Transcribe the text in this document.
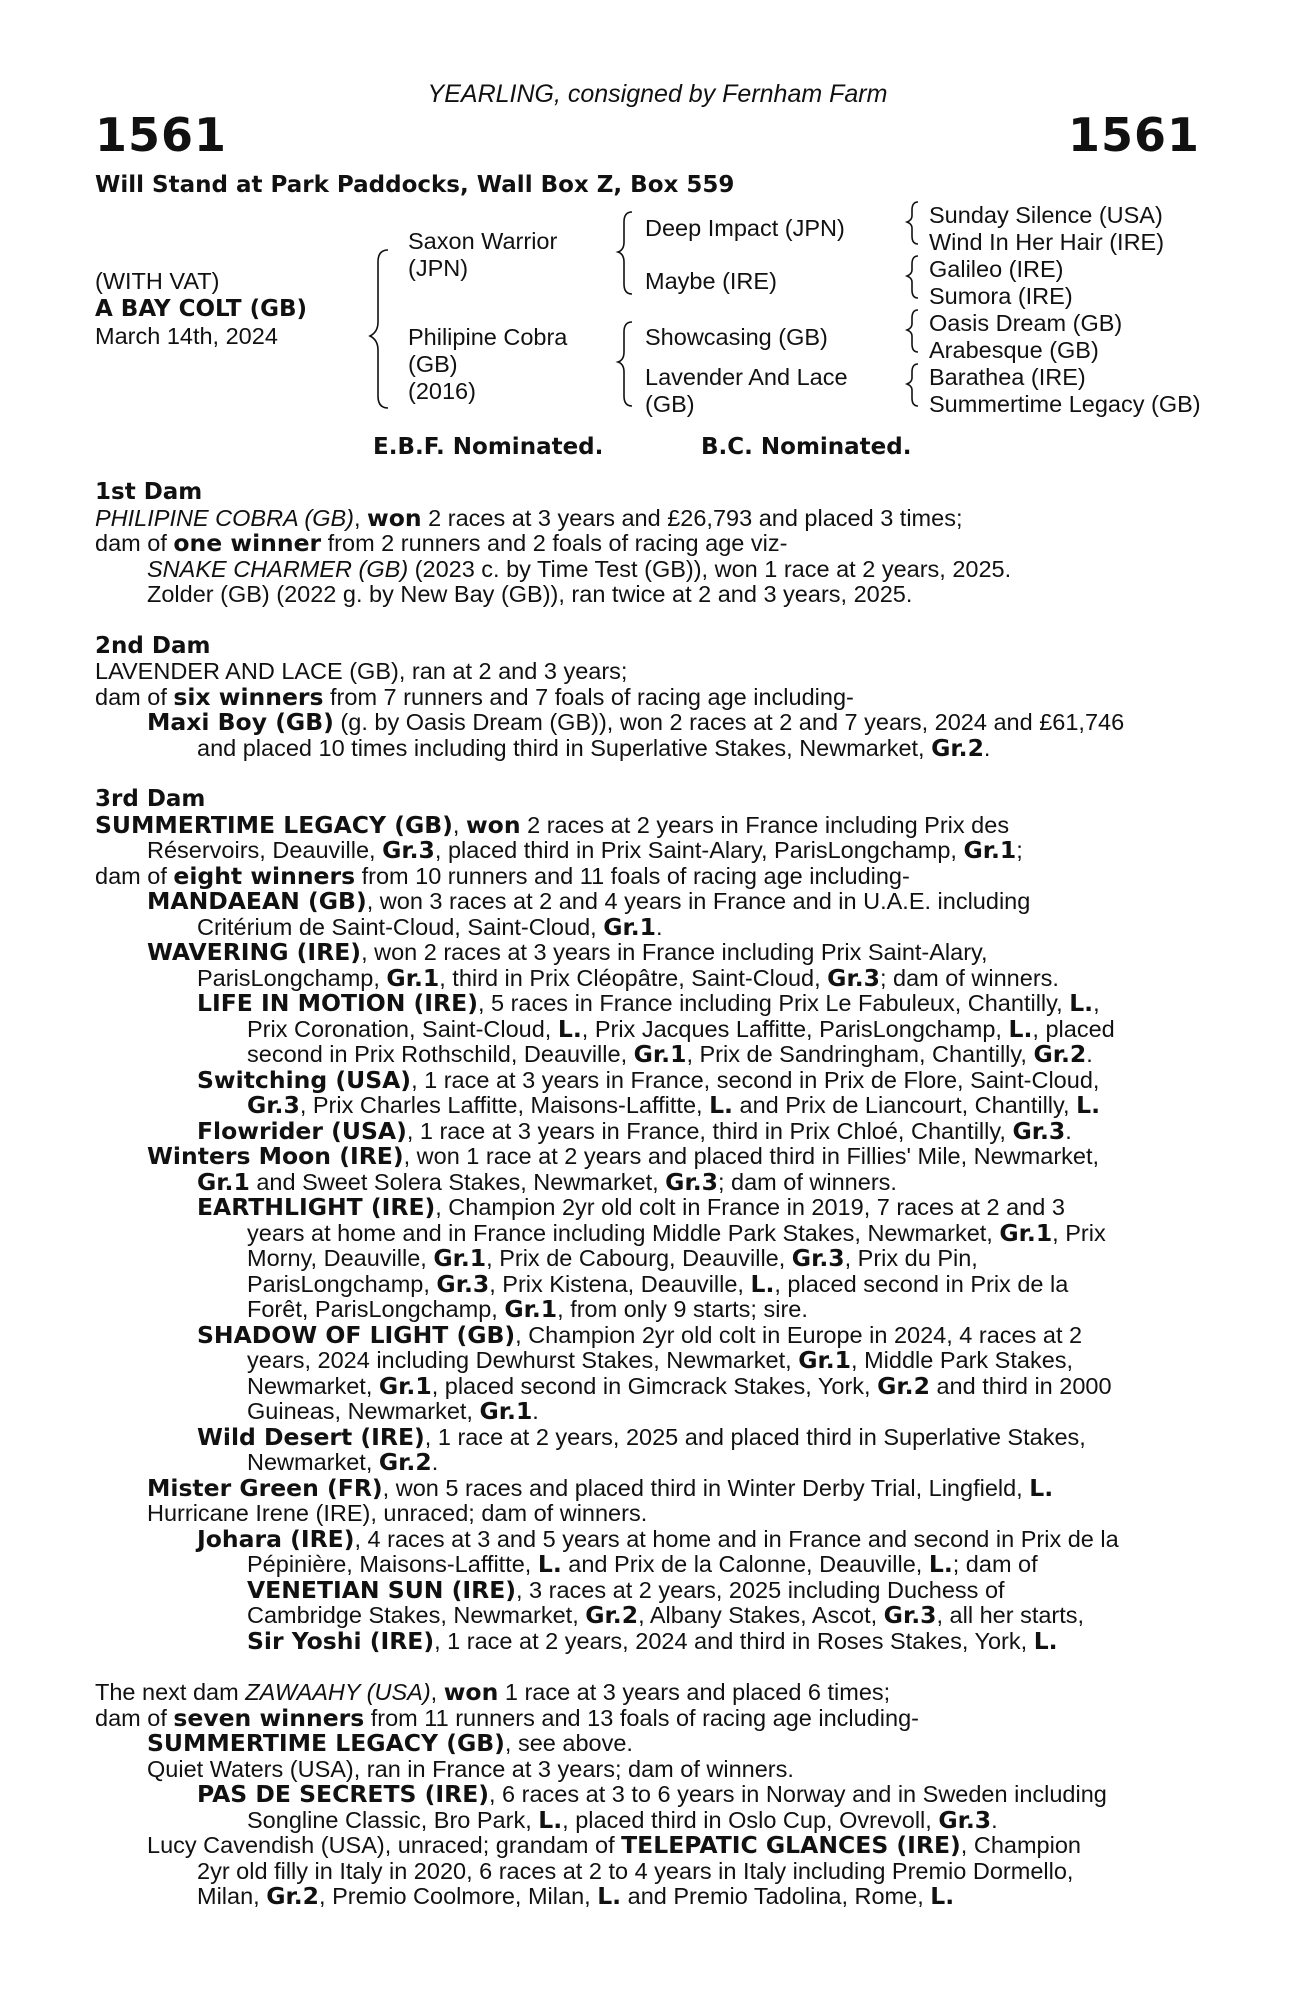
YEARLING, consigned by Fernham Farm
1561	1561
Will Stand at Park Paddocks, Wall Box Z, Box 559
(WITH VAT)
A BAY COLT (GB)
March 14th, 2024
Saxon Warrior
(JPN)
Philipine Cobra
(GB)
(2016)
Deep Impact (JPN)
Maybe (IRE)
Showcasing (GB)
Lavender And Lace
(GB)
Sunday Silence (USA)
Wind In Her Hair (IRE)
Galileo (IRE)
Sumora (IRE)
Oasis Dream (GB)
Arabesque (GB)
Barathea (IRE)
Summertime Legacy (GB)
E.B.F. Nominated.	B.C. Nominated.
1st Dam
PHILIPINE COBRA (GB), won 2 races at 3 years and £26,793 and placed 3 times;
dam of one winner from 2 runners and 2 foals of racing age viz-
SNAKE CHARMER (GB) (2023 c. by Time Test (GB)), won 1 race at 2 years, 2025.
Zolder (GB) (2022 g. by New Bay (GB)), ran twice at 2 and 3 years, 2025.
2nd Dam
LAVENDER AND LACE (GB), ran at 2 and 3 years;
dam of six winners from 7 runners and 7 foals of racing age including-
Maxi Boy (GB) (g. by Oasis Dream (GB)), won 2 races at 2 and 7 years, 2024 and £61,746
and placed 10 times including third in Superlative Stakes, Newmarket, Gr.2.
3rd Dam
SUMMERTIME LEGACY (GB), won 2 races at 2 years in France including Prix des
Réservoirs, Deauville, Gr.3, placed third in Prix Saint-Alary, ParisLongchamp, Gr.1;
dam of eight winners from 10 runners and 11 foals of racing age including-
MANDAEAN (GB), won 3 races at 2 and 4 years in France and in U.A.E. including
Critérium de Saint-Cloud, Saint-Cloud, Gr.1.
WAVERING (IRE), won 2 races at 3 years in France including Prix Saint-Alary,
ParisLongchamp, Gr.1, third in Prix Cléopâtre, Saint-Cloud, Gr.3; dam of winners.
LIFE IN MOTION (IRE), 5 races in France including Prix Le Fabuleux, Chantilly, L.,
Prix Coronation, Saint-Cloud, L., Prix Jacques Laffitte, ParisLongchamp, L., placed
second in Prix Rothschild, Deauville, Gr.1, Prix de Sandringham, Chantilly, Gr.2.
Switching (USA), 1 race at 3 years in France, second in Prix de Flore, Saint-Cloud,
Gr.3, Prix Charles Laffitte, Maisons-Laffitte, L. and Prix de Liancourt, Chantilly, L.
Flowrider (USA), 1 race at 3 years in France, third in Prix Chloé, Chantilly, Gr.3.
Winters Moon (IRE), won 1 race at 2 years and placed third in Fillies' Mile, Newmarket,
Gr.1 and Sweet Solera Stakes, Newmarket, Gr.3; dam of winners.
EARTHLIGHT (IRE), Champion 2yr old colt in France in 2019, 7 races at 2 and 3
years at home and in France including Middle Park Stakes, Newmarket, Gr.1, Prix
Morny, Deauville, Gr.1, Prix de Cabourg, Deauville, Gr.3, Prix du Pin,
ParisLongchamp, Gr.3, Prix Kistena, Deauville, L., placed second in Prix de la
Forêt, ParisLongchamp, Gr.1, from only 9 starts; sire.
SHADOW OF LIGHT (GB), Champion 2yr old colt in Europe in 2024, 4 races at 2
years, 2024 including Dewhurst Stakes, Newmarket, Gr.1, Middle Park Stakes,
Newmarket, Gr.1, placed second in Gimcrack Stakes, York, Gr.2 and third in 2000
Guineas, Newmarket, Gr.1.
Wild Desert (IRE), 1 race at 2 years, 2025 and placed third in Superlative Stakes,
Newmarket, Gr.2.
Mister Green (FR), won 5 races and placed third in Winter Derby Trial, Lingfield, L.
Hurricane Irene (IRE), unraced; dam of winners.
Johara (IRE), 4 races at 3 and 5 years at home and in France and second in Prix de la
Pépinière, Maisons-Laffitte, L. and Prix de la Calonne, Deauville, L.; dam of
VENETIAN SUN (IRE), 3 races at 2 years, 2025 including Duchess of
Cambridge Stakes, Newmarket, Gr.2, Albany Stakes, Ascot, Gr.3, all her starts,
Sir Yoshi (IRE), 1 race at 2 years, 2024 and third in Roses Stakes, York, L.
The next dam ZAWAAHY (USA), won 1 race at 3 years and placed 6 times;
dam of seven winners from 11 runners and 13 foals of racing age including-
SUMMERTIME LEGACY (GB), see above.
Quiet Waters (USA), ran in France at 3 years; dam of winners.
PAS DE SECRETS (IRE), 6 races at 3 to 6 years in Norway and in Sweden including
Songline Classic, Bro Park, L., placed third in Oslo Cup, Ovrevoll, Gr.3.
Lucy Cavendish (USA), unraced; grandam of TELEPATIC GLANCES (IRE), Champion
2yr old filly in Italy in 2020, 6 races at 2 to 4 years in Italy including Premio Dormello,
Milan, Gr.2, Premio Coolmore, Milan, L. and Premio Tadolina, Rome, L.
